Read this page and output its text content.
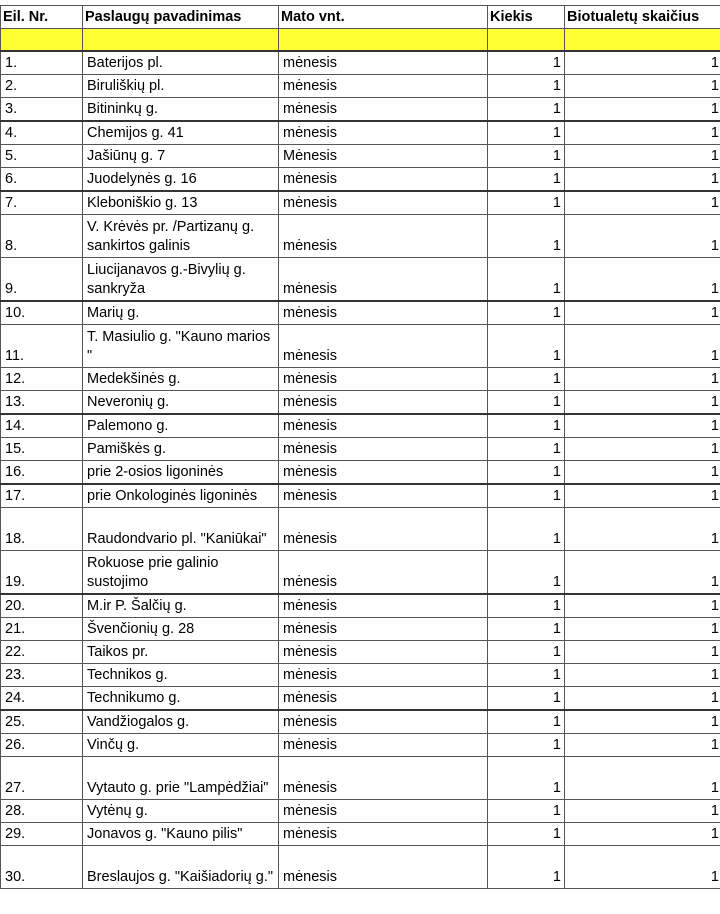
Eil. Nr.	Paslaugų pavadinimas	Mato vnt.	Kiekis	Biotualetų skaičius

1.	Baterijos pl.	mėnesis	1	1
2.	Biruliškių pl.	mėnesis	1	1
3.	Bitininkų g.	mėnesis	1	1
4.	Chemijos g. 41	mėnesis	1	1
5.	Jašiūnų g. 7	Mėnesis	1	1
6.	Juodelynės g. 16	mėnesis	1	1
7.	Kleboniškio g. 13	mėnesis	1	1
8.	V. Krėvės pr. /Partizanų g. sankirtos galinis	mėnesis	1	1
9.	Liucijanavos g.-Bivylių g. sankryža	mėnesis	1	1
10.	Marių g.	mėnesis	1	1
11.	T. Masiulio g. "Kauno marios "	mėnesis	1	1
12.	Medekšinės g.	mėnesis	1	1
13.	Neveronių g.	mėnesis	1	1
14.	Palemono g.	mėnesis	1	1
15.	Pamiškės g.	mėnesis	1	1
16.	prie 2-osios ligoninės	mėnesis	1	1
17.	prie Onkologinės ligoninės	mėnesis	1	1
18.	Raudondvario pl. "Kaniūkai"	mėnesis	1	1
19.	Rokuose prie galinio sustojimo	mėnesis	1	1
20.	M.ir P. Šalčių g.	mėnesis	1	1
21.	Švenčionių g. 28	mėnesis	1	1
22.	Taikos pr.	mėnesis	1	1
23.	Technikos g.	mėnesis	1	1
24.	Technikumo g.	mėnesis	1	1
25.	Vandžiogalos g.	mėnesis	1	1
26.	Vinčų g.	mėnesis	1	1
27.	Vytauto g. prie "Lampėdžiai"	mėnesis	1	1
28.	Vytėnų g.	mėnesis	1	1
29.	Jonavos g. "Kauno pilis"	mėnesis	1	1
30.	Breslaujos g. "Kaišiadorių g."	mėnesis	1	1
